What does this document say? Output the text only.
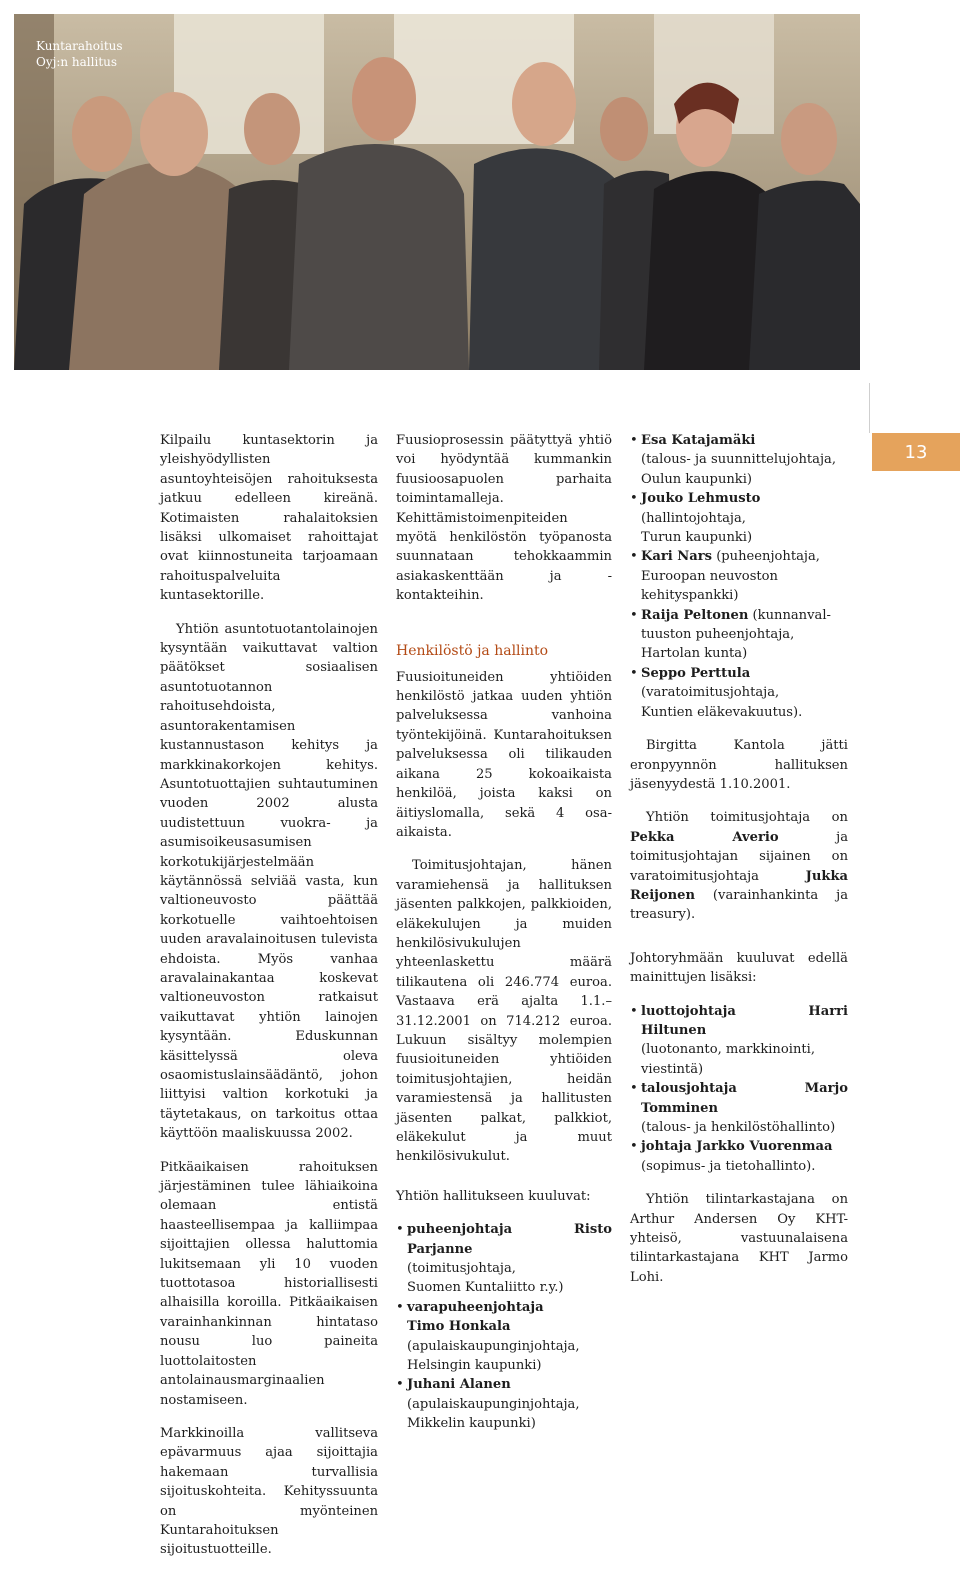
Kuntarahoitus
Oyj:n hallitus
13

Kilpailu kuntasektorin ja yleishyödyllisten asuntoyhteisöjen rahoituksesta jatkuu edelleen kireänä. Kotimaisten rahalaitoksien lisäksi ulkomaiset rahoittajat ovat kiinnostuneita tarjoamaan rahoituspalveluita kuntasektorille.

Yhtiön asuntotuotantolainojen kysyntään vaikuttavat valtion päätökset sosiaalisen asuntotuotannon rahoitusehdoista, asuntorakentamisen kustannustason kehitys ja markkinakorkojen kehitys. Asuntotuottajien suhtautuminen vuoden 2002 alusta uudistettuun vuokra- ja asumisoikeusasumisen korkotukijärjestelmään käytännössä selviää vasta, kun valtioneuvosto päättää korkotuelle vaihtoehtoisen uuden aravalainoitusen tulevista ehdoista. Myös vanhaa aravalainakantaa koskevat valtioneuvoston ratkaisut vaikuttavat yhtiön lainojen kysyntään. Eduskunnan käsittelyssä oleva osaomistuslainsäädäntö, johon liittyisi valtion korkotuki ja täytetakaus, on tarkoitus ottaa käyttöön maaliskuussa 2002.

Pitkäaikaisen rahoituksen järjestäminen tulee lähiaikoina olemaan entistä haasteellisempaa ja kalliimpaa sijoittajien ollessa haluttomia lukitsemaan yli 10 vuoden tuottotasoa historiallisesti alhaisilla koroilla. Pitkäaikaisen varainhankinnan hintataso nousu luo paineita luottolaitosten antolainausmarginaalien nostamiseen.

Markkinoilla vallitseva epävarmuus ajaa sijoittajia hakemaan turvallisia sijoituskohteita. Kehityssuunta on myönteinen Kuntarahoituksen sijoitustuotteille.

Fuusioprosessin päätyttyä yhtiö voi hyödyntää kummankin fuusioosapuolen parhaita toimintamalleja. Kehittämistoimenpiteiden myötä henkilöstön työpanosta suunnataan tehokkaammin asiakaskenttään ja -kontakteihin.

Henkilöstö ja hallinto

Fuusioituneiden yhtiöiden henkilöstö jatkaa uuden yhtiön palveluksessa vanhoina työntekijöinä. Kuntarahoituksen palveluksessa oli tilikauden aikana 25 kokoaikaista henkilöä, joista kaksi on äitiyslomalla, sekä 4 osa-aikaista.

Toimitusjohtajan, hänen varamiehensä ja hallituksen jäsenten palkkojen, palkkioiden, eläkekulujen ja muiden henkilösivukulujen yhteenlaskettu määrä tilikautena oli 246.774 euroa. Vastaava erä ajalta 1.1.–31.12.2001 on 714.212 euroa. Lukuun sisältyy molempien fuusioituneiden yhtiöiden toimitusjohtajien, heidän varamiestensä ja hallitusten jäsenten palkat, palkkiot, eläkekulut ja muut henkilösivukulut.

Yhtiön hallitukseen kuuluvat:

• puheenjohtaja Risto Parjanne
(toimitusjohtaja,
Suomen Kuntaliitto r.y.)
• varapuheenjohtaja
Timo Honkala
(apulaiskaupunginjohtaja,
Helsingin kaupunki)
• Juhani Alanen
(apulaiskaupunginjohtaja,
Mikkelin kaupunki)
• Esa Katajamäki
(talous- ja suunnittelujohtaja,
Oulun kaupunki)
• Jouko Lehmusto
(hallintojohtaja,
Turun kaupunki)
• Kari Nars (puheenjohtaja,
Euroopan neuvoston
kehityspankki)
• Raija Peltonen (kunnanval-
tuuston puheenjohtaja,
Hartolan kunta)
• Seppo Perttula
(varatoimitusjohtaja,
Kuntien eläkevakuutus).

Birgitta Kantola jätti eronpyynnön hallituksen jäsenyydestä 1.10.2001.

Yhtiön toimitusjohtaja on Pekka Averio ja toimitusjohtajan sijainen on varatoimitusjohtaja Jukka Reijonen (varainhankinta ja treasury).

Johtoryhmään kuuluvat edellä mainittujen lisäksi:

• luottojohtaja Harri Hiltunen
(luotonanto, markkinointi,
viestintä)
• talousjohtaja Marjo Tomminen
(talous- ja henkilöstöhallinto)
• johtaja Jarkko Vuorenmaa
(sopimus- ja tietohallinto).

Yhtiön tilintarkastajana on Arthur Andersen Oy KHT-yhteisö, vastuunalaisena tilintarkastajana KHT Jarmo Lohi.
